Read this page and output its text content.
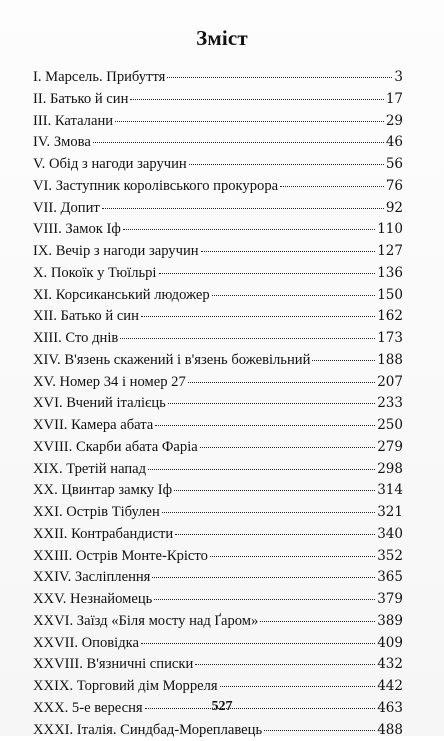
Зміст
I. Марсель. Прибуття	3
II. Батько й син	17
III. Каталани	29
IV. Змова	46
V. Обід з нагоди заручин	56
VI. Заступник королівського прокурора	76
VII. Допит	92
VIII. Замок Іф	110
IX. Вечір з нагоди заручин	127
X. Покоїк у Тюїльрі	136
XI. Корсиканський людожер	150
XII. Батько й син	162
XIII. Сто днів	173
XIV. В'язень скажений і в'язень божевільний	188
XV. Номер 34 і номер 27	207
XVI. Вчений італієць	233
XVII. Камера абата	250
XVIII. Скарби абата Фаріа	279
XIX. Третій напад	298
XX. Цвинтар замку Іф	314
XXI. Острів Тібулен	321
XXII. Контрабандисти	340
XXIII. Острів Монте-Крісто	352
XXIV. Засліплення	365
XXV. Незнайомець	379
XXVI. Заїзд «Біля мосту над Ґаром»	389
XXVII. Оповідка	409
XXVIII. В'язничні списки	432
XXIX. Торговий дім Морреля	442
XXX. 5-е вересня	463
XXXI. Італія. Синдбад-Мореплавець	488
527
